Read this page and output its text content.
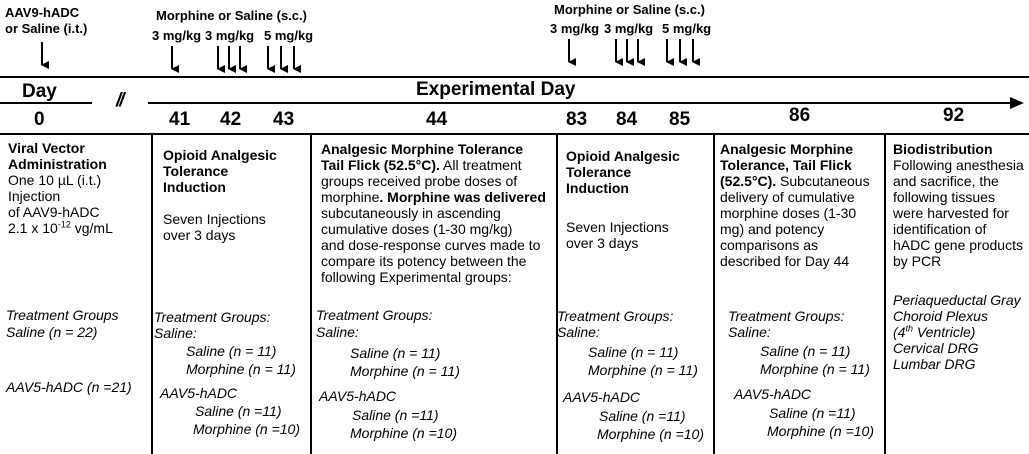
AAV9-hADC
or Saline (i.t.)
Morphine or Saline (s.c.)
3 mg/kg 3 mg/kg 5 mg/kg
Morphine or Saline (s.c.)
3 mg/kg 3 mg/kg 5 mg/kg
Day	//
Experimental Day
0	41 42 43	44	83 84 85	86	92
Viral Vector Administration
One 10 µL (i.t.)
Injection
of AAV9-hADC
2.1 x $10^{-12}$ vg/mL
Treatment Groups
Saline (n = 22)
AAV5-hADC (n =21)
Opioid Analgesic
Tolerance
Induction
Seven Injections
over 3 days
Treatment Groups:
Saline:
Saline (n = 11)
Morphine (n = 11)
AAV5-hADC
Saline (n =11)
Morphine (n =10)
Analgesic Morphine Tolerance
Tail Flick (52.5°C). All treatment
groups received probe doses of
morphine. Morphine was delivered
subcutaneously in ascending
cumulative doses (1-30 mg/kg)
and dose-response curves made to
compare its potency between the
following Experimental groups:
Treatment Groups:
Saline:
Saline (n = 11)
Morphine (n = 11)
AAV5-hADC
Saline (n =11)
Morphine (n =10)
Opioid Analgesic
Tolerance
Induction
Seven Injections
over 3 days
Treatment Groups:
Saline:
Saline (n = 11)
Morphine (n = 11)
AAV5-hADC
Saline (n =11)
Morphine (n =10)
Analgesic Morphine
Tolerance, Tail Flick
(52.5°C). Subcutaneous
delivery of cumulative
morphine doses (1-30
mg) and potency
comparisons as
described for Day 44
Treatment Groups:
Saline:
Saline (n = 11)
Morphine (n = 11)
AAV5-hADC
Saline (n =11)
Morphine (n =10)
Biodistribution
Following anesthesia
and sacrifice, the
following tissues
were harvested for
identification of
hADC gene products
by PCR
Periaqueductal Gray
Choroid Plexus
(4th Ventricle)
Cervical DRG
Lumbar DRG
